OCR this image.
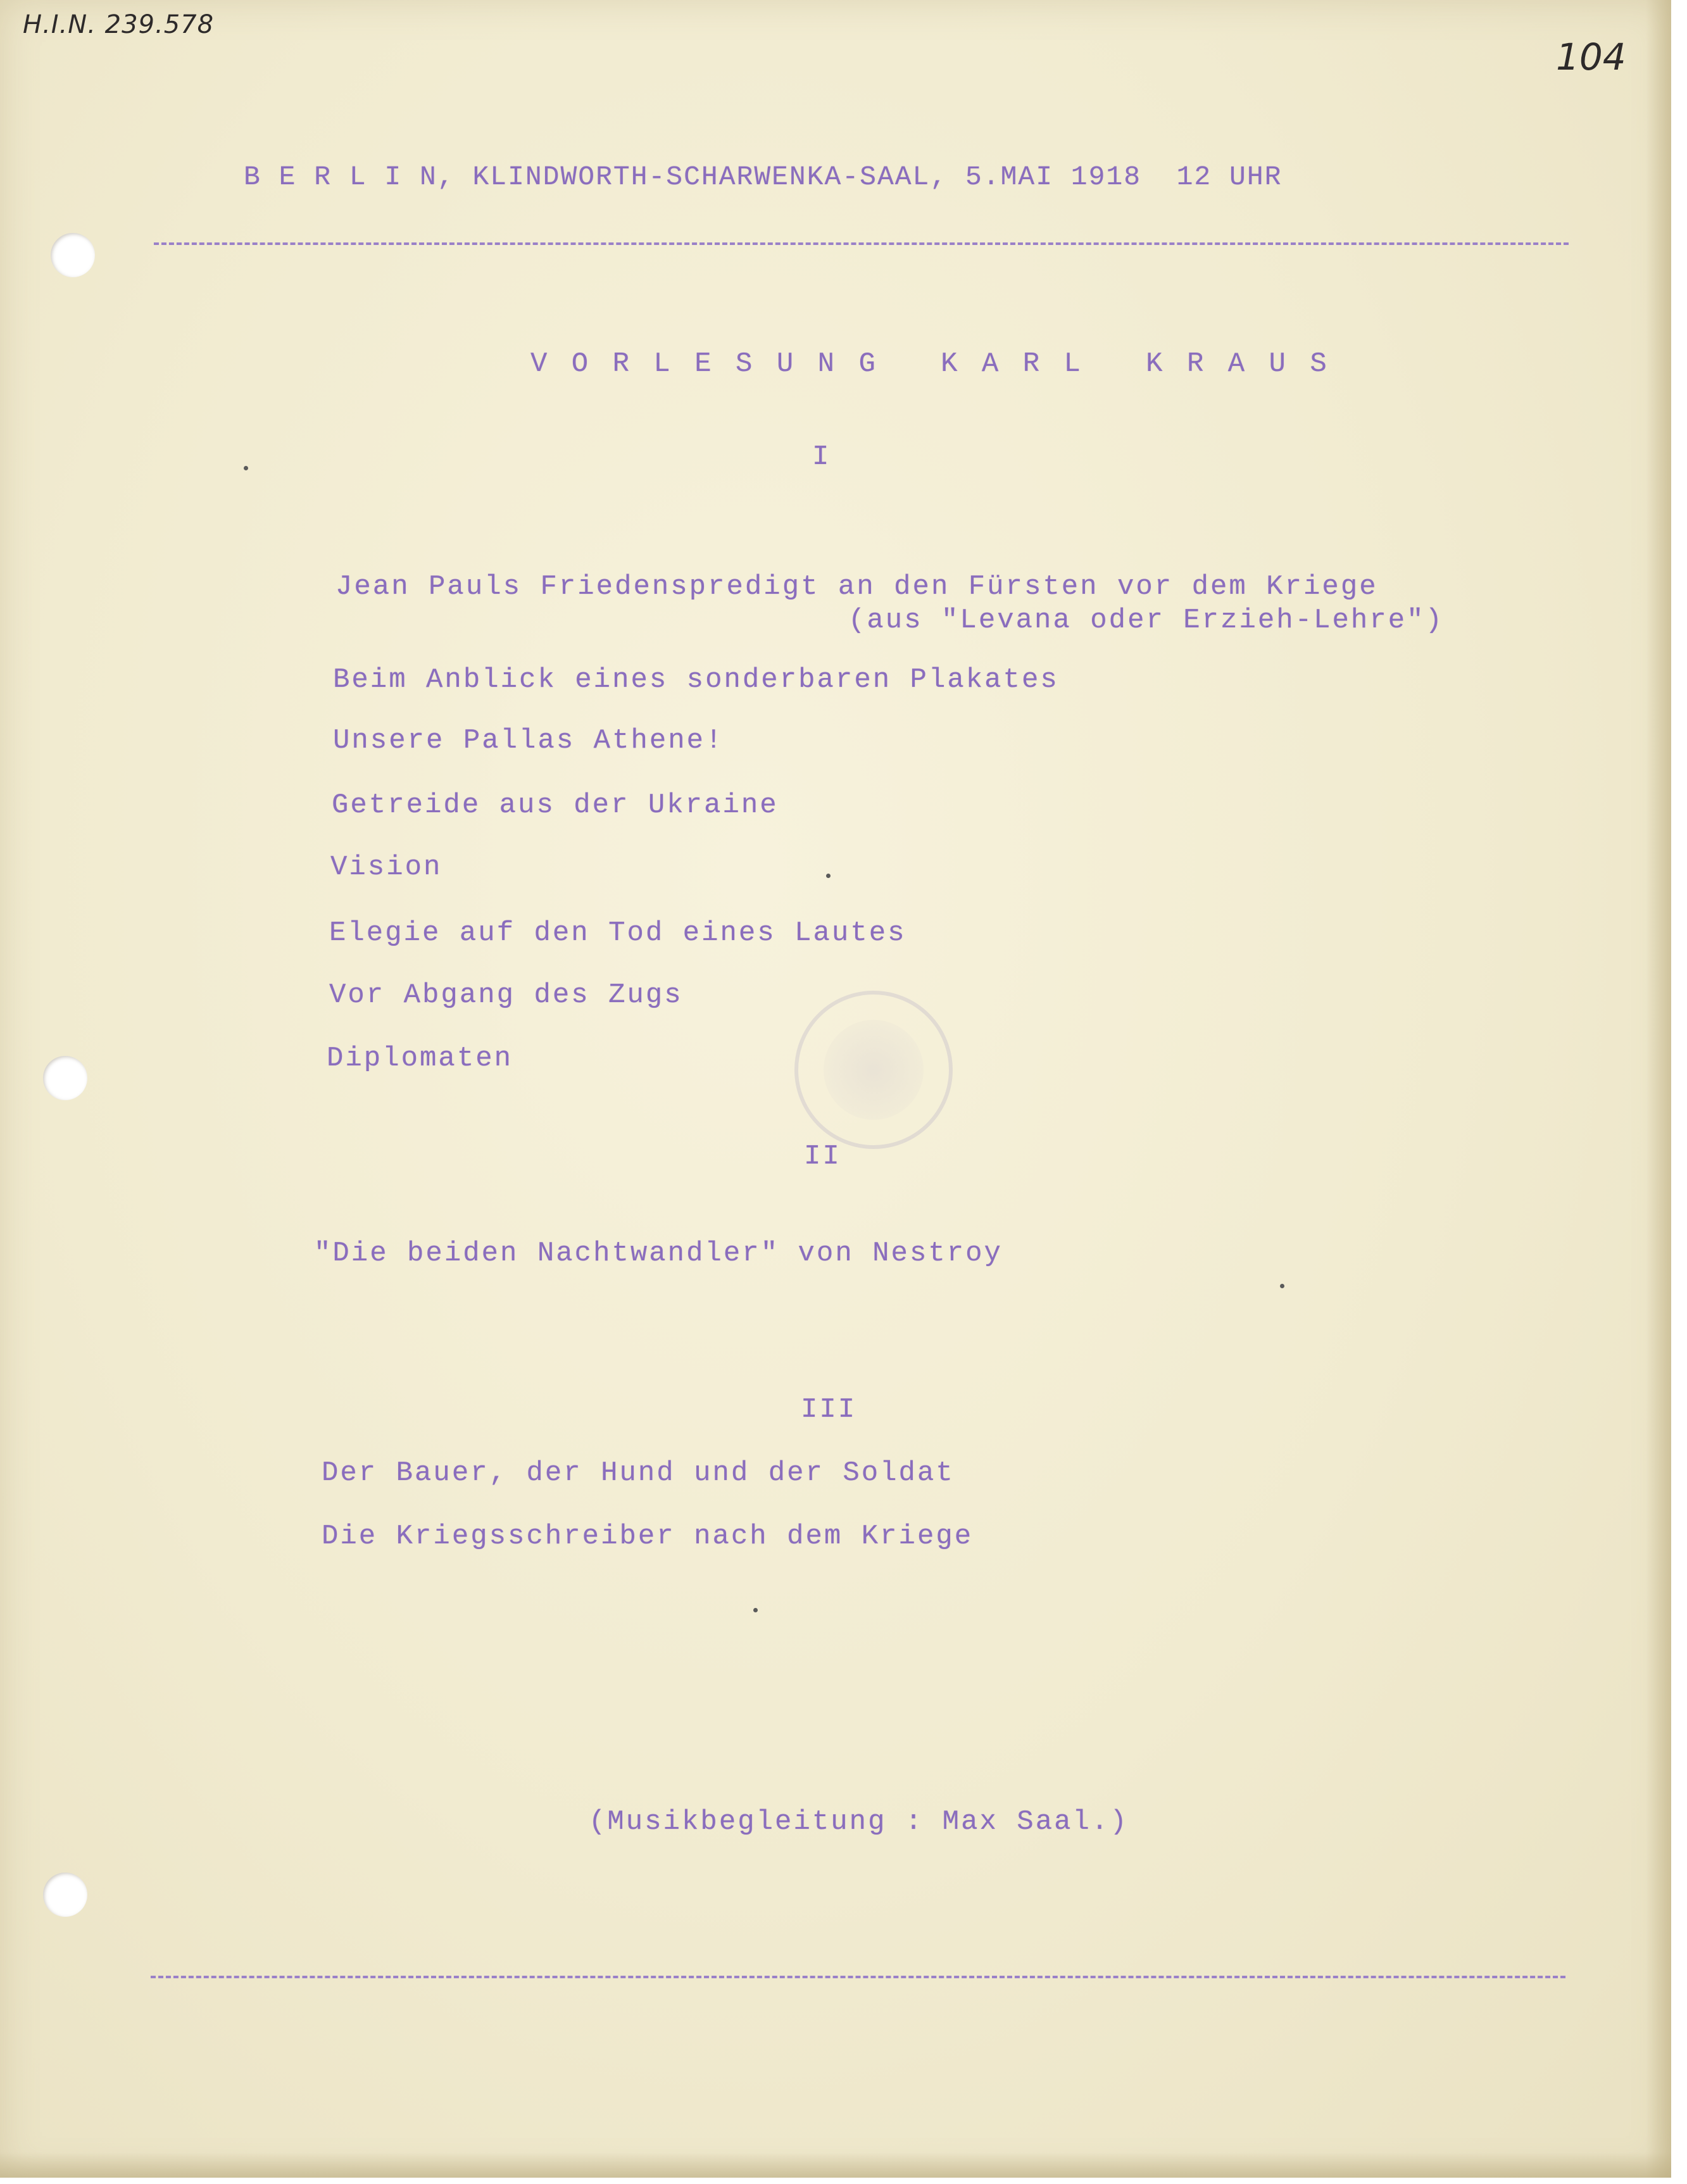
H.I.N. 239.578
104
B E R L I N, KLINDWORTH-SCHARWENKA-SAAL, 5.MAI 1918  12 UHR
V O R L E S U N G   K A R L   K R A U S
I
Jean Pauls Friedenspredigt an den Fürsten vor dem Kriege
(aus "Levana oder Erzieh-Lehre")
Beim Anblick eines sonderbaren Plakates
Unsere Pallas Athene!
Getreide aus der Ukraine
Vision
Elegie auf den Tod eines Lautes
Vor Abgang des Zugs
Diplomaten
II
"Die beiden Nachtwandler" von Nestroy
III
Der Bauer, der Hund und der Soldat
Die Kriegsschreiber nach dem Kriege
(Musikbegleitung : Max Saal.)
